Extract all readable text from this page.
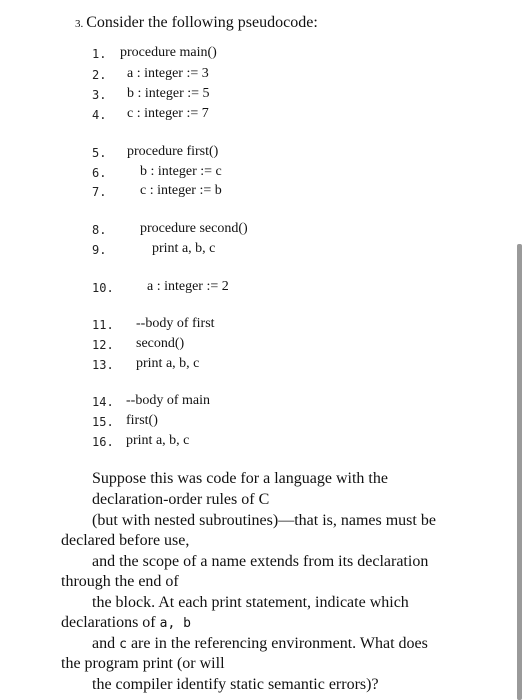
3. Consider the following pseudocode:
1. procedure main()
2. a : integer := 3
3. b : integer := 5
4. c : integer := 7
5. procedure first()
6. b : integer := c
7. c : integer := b
8. procedure second()
9.	print a, b, c
10. a : integer := 2
11. --body of first
12. second()
13. print a, b, c
14. --body of main
15. first()
16. print a, b, c
Suppose this was code for a language with the
declaration-order rules of C
(but with nested subroutines)—that is, names must be
declared before use,
and the scope of a name extends from its declaration
through the end of
the block. At each print statement, indicate which
declarations of a, b
and c are in the referencing environment. What does
the program print (or will
the compiler identify static semantic errors)?
